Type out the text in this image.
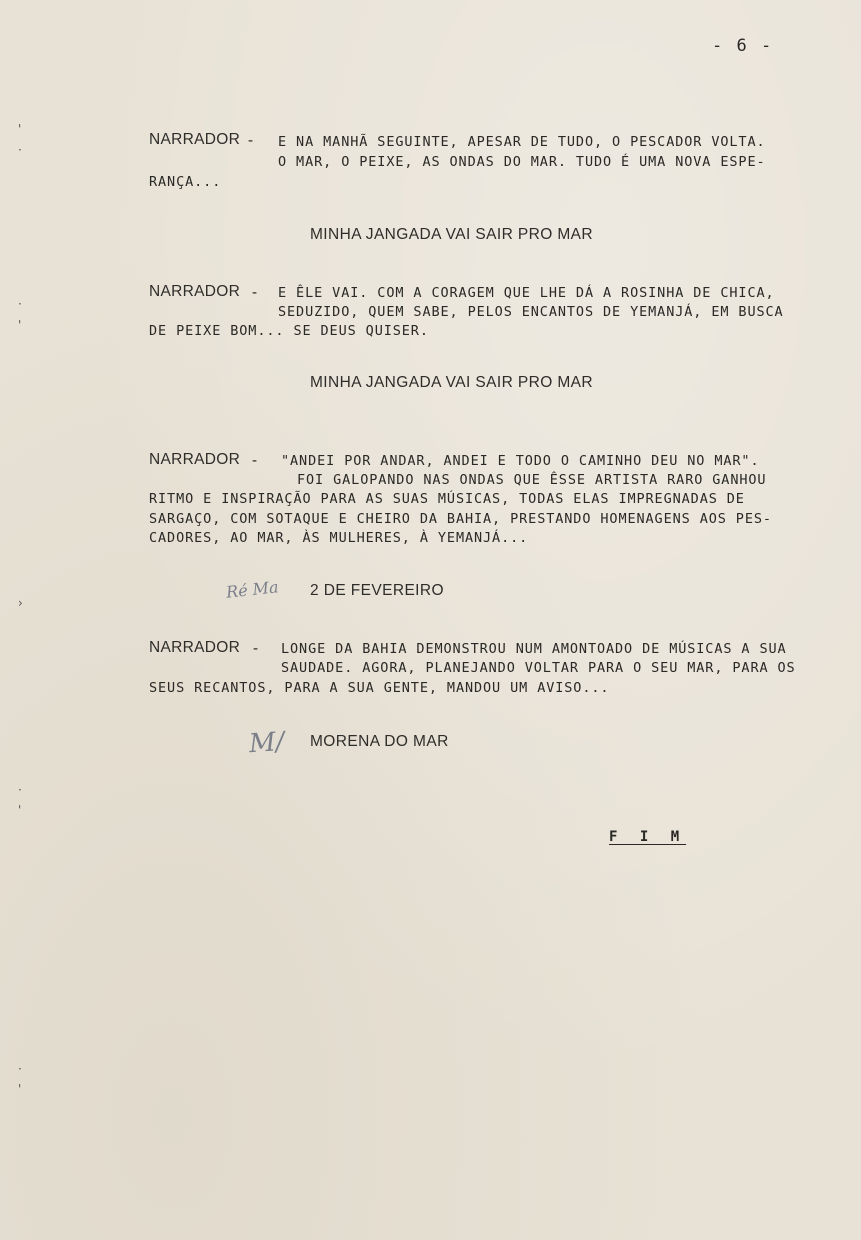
- 6 -
'
·
·
'
›
·
'
·
'
NARRADOR - E NA MANHÃ SEGUINTE, APESAR DE TUDO, O PESCADOR VOLTA.
O MAR, O PEIXE, AS ONDAS DO MAR. TUDO É UMA NOVA ESPE-
RANÇA...
MINHA JANGADA VAI SAIR PRO MAR
NARRADOR - E ÊLE VAI. COM A CORAGEM QUE LHE DÁ A ROSINHA DE CHICA,
SEDUZIDO, QUEM SABE, PELOS ENCANTOS DE YEMANJÁ, EM BUSCA
DE PEIXE BOM... SE DEUS QUISER.
MINHA JANGADA VAI SAIR PRO MAR
NARRADOR - "ANDEI POR ANDAR, ANDEI E TODO O CAMINHO DEU NO MAR".
FOI GALOPANDO NAS ONDAS QUE ÊSSE ARTISTA RARO GANHOU
RITMO E INSPIRAÇÃO PARA AS SUAS MÚSICAS, TODAS ELAS IMPREGNADAS DE
SARGAÇO, COM SOTAQUE E CHEIRO DA BAHIA, PRESTANDO HOMENAGENS AOS PES-
CADORES, AO MAR, ÀS MULHERES, À YEMANJÁ...
Ré Ma 2 DE FEVEREIRO
NARRADOR - LONGE DA BAHIA DEMONSTROU NUM AMONTOADO DE MÚSICAS A SUA
SAUDADE. AGORA, PLANEJANDO VOLTAR PARA O SEU MAR, PARA OS
SEUS RECANTOS, PARA A SUA GENTE, MANDOU UM AVISO...
M/ MORENA DO MAR
F I M
